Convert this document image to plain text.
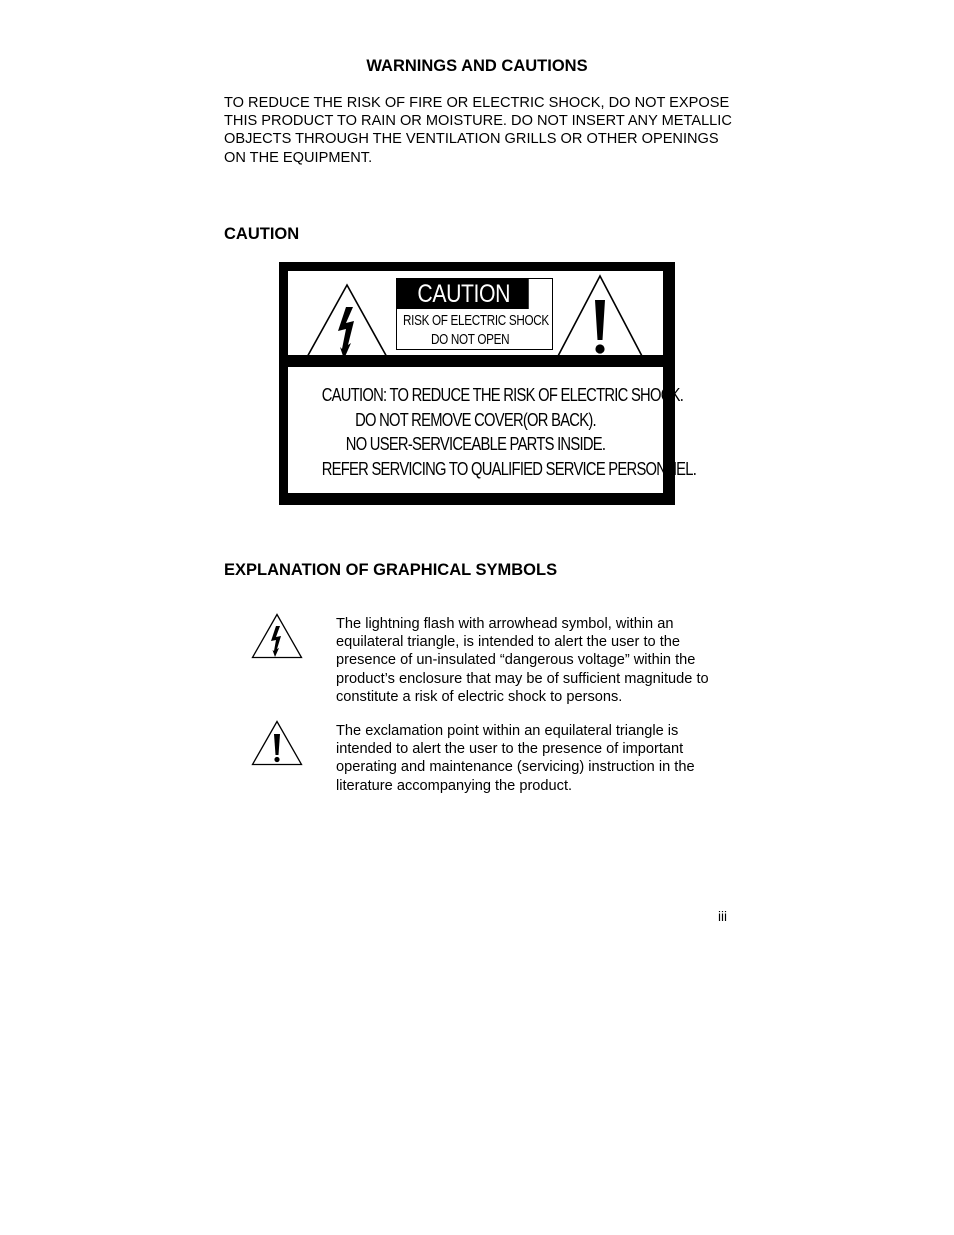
WARNINGS AND CAUTIONS

TO REDUCE THE RISK OF FIRE OR ELECTRIC SHOCK, DO NOT EXPOSE THIS PRODUCT TO RAIN OR MOISTURE. DO NOT INSERT ANY METALLIC OBJECTS THROUGH THE VENTILATION GRILLS OR OTHER OPENINGS ON THE EQUIPMENT.

CAUTION
CAUTION
RISK OF ELECTRIC SHOCK
DO NOT OPEN
CAUTION: TO REDUCE THE RISK OF ELECTRIC SHOCK.
DO NOT REMOVE COVER(OR BACK).
NO USER-SERVICEABLE PARTS INSIDE.
REFER SERVICING TO QUALIFIED SERVICE PERSONNEL.
EXPLANATION OF GRAPHICAL SYMBOLS

The lightning flash with arrowhead symbol, within an equilateral triangle, is intended to alert the user to the presence of un-insulated “dangerous voltage” within the product’s enclosure that may be of sufficient magnitude to constitute a risk of electric shock to persons.

The exclamation point within an equilateral triangle is intended to alert the user to the presence of important operating and maintenance (servicing) instruction in the literature accompanying the product.

iii
